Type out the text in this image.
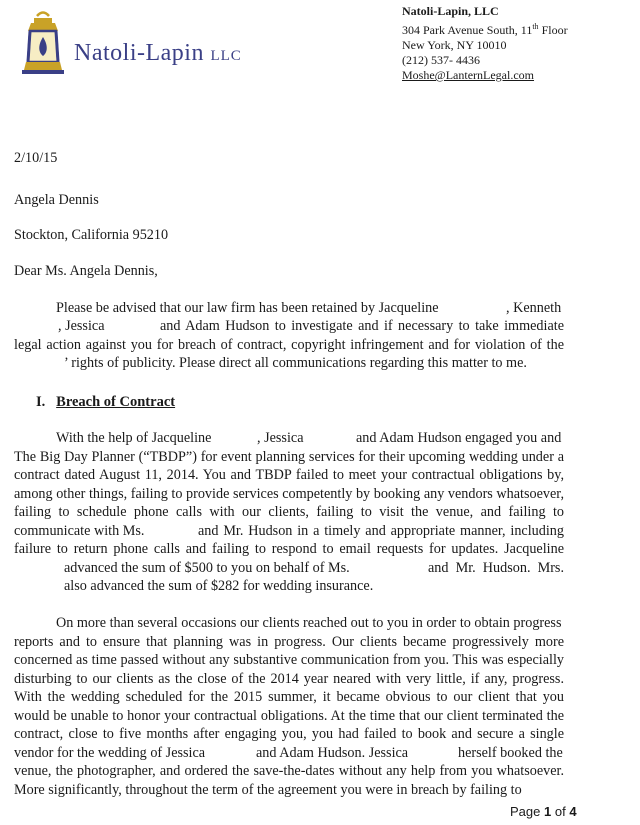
Natoli-Lapin LLC
Natoli-Lapin, LLC
304 Park Avenue South, 11th Floor
New York, NY 10010
(212) 537- 4436
Moshe@LanternLegal.com
2/10/15
Angela Dennis
Stockton, California 95210
Dear Ms. Angela Dennis,
Please be advised that our law firm has been retained by Jacqueline	, Kenneth
, Jessica	and Adam Hudson to investigate and if necessary to take immediate
legal action against you for breach of contract, copyright infringement and for violation of the
’ rights of publicity. Please direct all communications regarding this matter to me.
I. Breach of Contract
With the help of Jacqueline	, Jessica	and Adam Hudson engaged you and
The Big Day Planner (“TBDP”) for event planning services for their upcoming wedding under a
contract dated August 11, 2014. You and TBDP failed to meet your contractual obligations by,
among other things, failing to provide services competently by booking any vendors whatsoever,
failing to schedule phone calls with our clients, failing to visit the venue, and failing to
communicate with Ms.	and Mr. Hudson in a timely and appropriate manner, including
failure to return phone calls and failing to respond to email requests for updates. Jacqueline
advanced the sum of $500 to you on behalf of Ms.	and Mr. Hudson. Mrs.
also advanced the sum of $282 for wedding insurance.
On more than several occasions our clients reached out to you in order to obtain progress
reports and to ensure that planning was in progress. Our clients became progressively more
concerned as time passed without any substantive communication from you. This was especially
disturbing to our clients as the close of the 2014 year neared with very little, if any, progress.
With the wedding scheduled for the 2015 summer, it became obvious to our client that you
would be unable to honor your contractual obligations. At the time that our client terminated the
contract, close to five months after engaging you, you had failed to book and secure a single
vendor for the wedding of Jessica	and Adam Hudson. Jessica	herself booked the
venue, the photographer, and ordered the save-the-dates without any help from you whatsoever.
More significantly, throughout the term of the agreement you were in breach by failing to
Page 1 of 4
